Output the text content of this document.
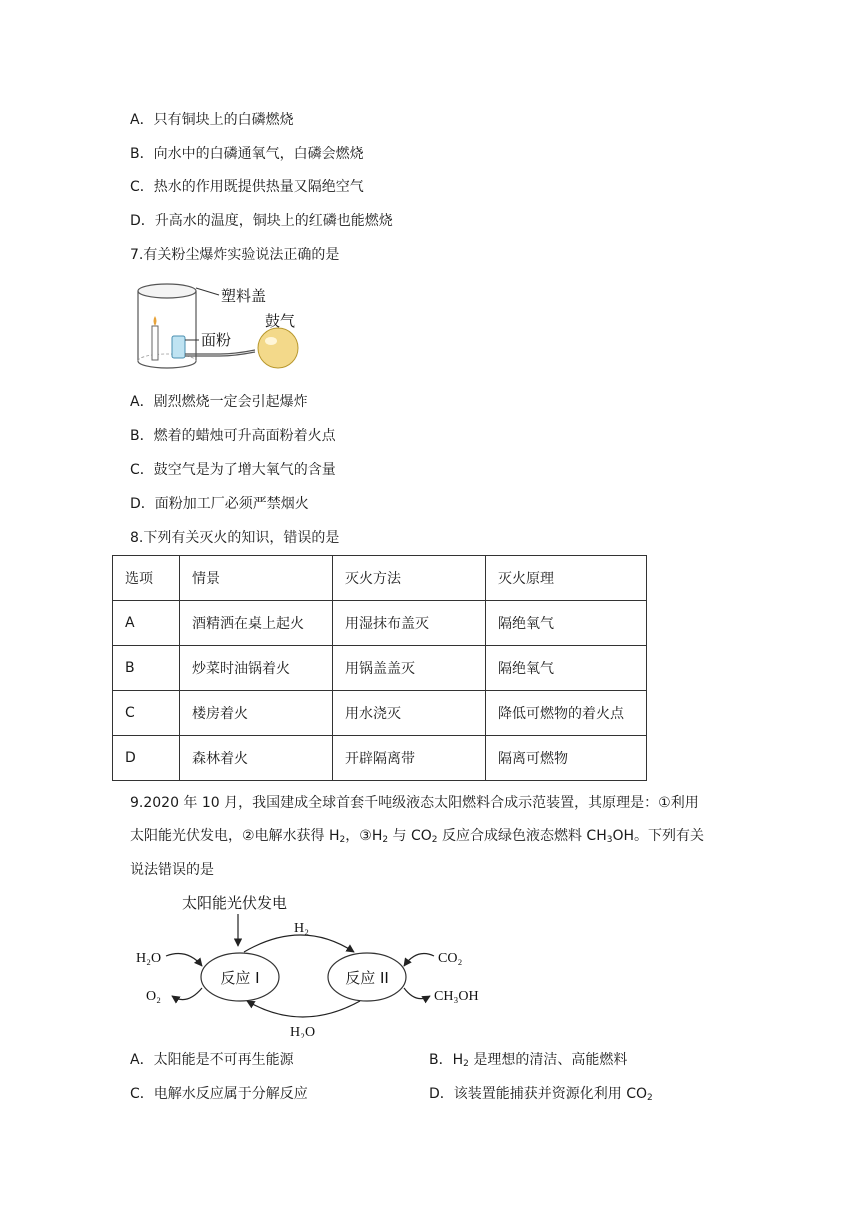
A．只有铜块上的白磷燃烧
B．向水中的白磷通氧气，白磷会燃烧
C．热水的作用既提供热量又隔绝空气
D．升高水的温度，铜块上的红磷也能燃烧
7.有关粉尘爆炸实验说法正确的是
塑料盖
面粉
鼓气
A．剧烈燃烧一定会引起爆炸
B．燃着的蜡烛可升高面粉着火点
C．鼓空气是为了增大氧气的含量
D．面粉加工厂必须严禁烟火
8.下列有关灭火的知识，错误的是
选项	情景	灭火方法	灭火原理
A	酒精洒在桌上起火	用湿抹布盖灭	隔绝氧气
B	炒菜时油锅着火	用锅盖盖灭	隔绝氧气
C	楼房着火	用水浇灭	降低可燃物的着火点
D	森林着火	开辟隔离带	隔离可燃物
9.2020 年 10 月，我国建成全球首套千吨级液态太阳燃料合成示范装置，其原理是：①利用
太阳能光伏发电，②电解水获得 $H_2$，$③H_2$ 与 $CO_2$ 反应合成绿色液态燃料 $CH_3OH$。下列有关
说法错误的是
太阳能光伏发电
反应 I	反应 II
H₂
H₂O
H₂O
O₂
CO₂
CH₃OH
A．太阳能是不可再生能源	B．$H_2$ 是理想的清洁、高能燃料
C．电解水反应属于分解反应	D．该装置能捕获并资源化利用 $CO_2$
